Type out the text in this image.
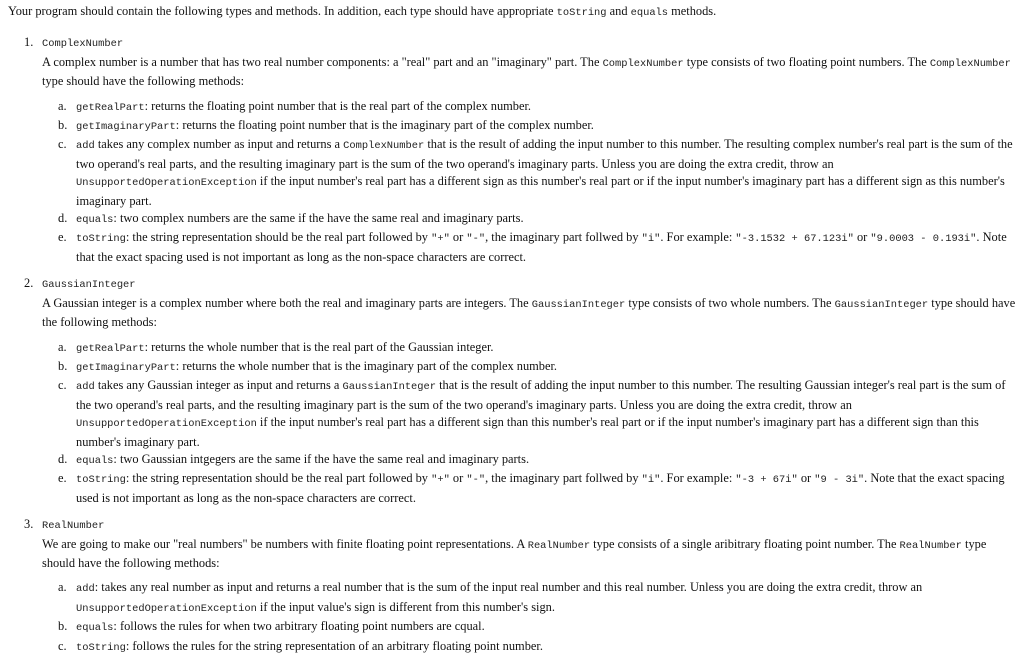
Your program should contain the following types and methods. In addition, each type should have appropriate toString and equals methods.

1. ComplexNumber

A complex number is a number that has two real number components: a "real" part and an "imaginary" part. The ComplexNumber type consists of two floating point numbers. The ComplexNumber type should have the following methods:

a. getRealPart: returns the floating point number that is the real part of the complex number.
b. getImaginaryPart: returns the floating point number that is the imaginary part of the complex number.
c. add takes any complex number as input and returns a ComplexNumber that is the result of adding the input number to this number. The resulting complex number's real part is the sum of the two operand's real parts, and the resulting imaginary part is the sum of the two operand's imaginary parts. Unless you are doing the extra credit, throw an UnsupportedOperationException if the input number's real part has a different sign as this number's real part or if the input number's imaginary part has a different sign as this number's imaginary part.
d. equals: two complex numbers are the same if the have the same real and imaginary parts.
e. toString: the string representation should be the real part followed by "+" or "-", the imaginary part follwed by "i". For example: "-3.1532 + 67.123i" or "9.0003 - 0.193i". Note that the exact spacing used is not important as long as the non-space characters are correct.
2. GaussianInteger

A Gaussian integer is a complex number where both the real and imaginary parts are integers. The GaussianInteger type consists of two whole numbers. The GaussianInteger type should have the following methods:

a. getRealPart: returns the whole number that is the real part of the Gaussian integer.
b. getImaginaryPart: returns the whole number that is the imaginary part of the complex number.
c. add takes any Gaussian integer as input and returns a GaussianInteger that is the result of adding the input number to this number. The resulting Gaussian integer's real part is the sum of the two operand's real parts, and the resulting imaginary part is the sum of the two operand's imaginary parts. Unless you are doing the extra credit, throw an UnsupportedOperationException if the input number's real part has a different sign than this number's real part or if the input number's imaginary part has a different sign than this number's imaginary part.
d. equals: two Gaussian intgegers are the same if the have the same real and imaginary parts.
e. toString: the string representation should be the real part followed by "+" or "-", the imaginary part follwed by "i". For example: "-3 + 67i" or "9 - 3i". Note that the exact spacing used is not important as long as the non-space characters are correct.
3. RealNumber

We are going to make our "real numbers" be numbers with finite floating point representations. A RealNumber type consists of a single aribitrary floating point number. The RealNumber type should have the following methods:

a. add: takes any real number as input and returns a real number that is the sum of the input real number and this real number. Unless you are doing the extra credit, throw an UnsupportedOperationException if the input value's sign is different from this number's sign.
b. equals: follows the rules for when two arbitrary floating point numbers are cqual.
c. toString: follows the rules for the string representation of an arbitrary floating point number.
